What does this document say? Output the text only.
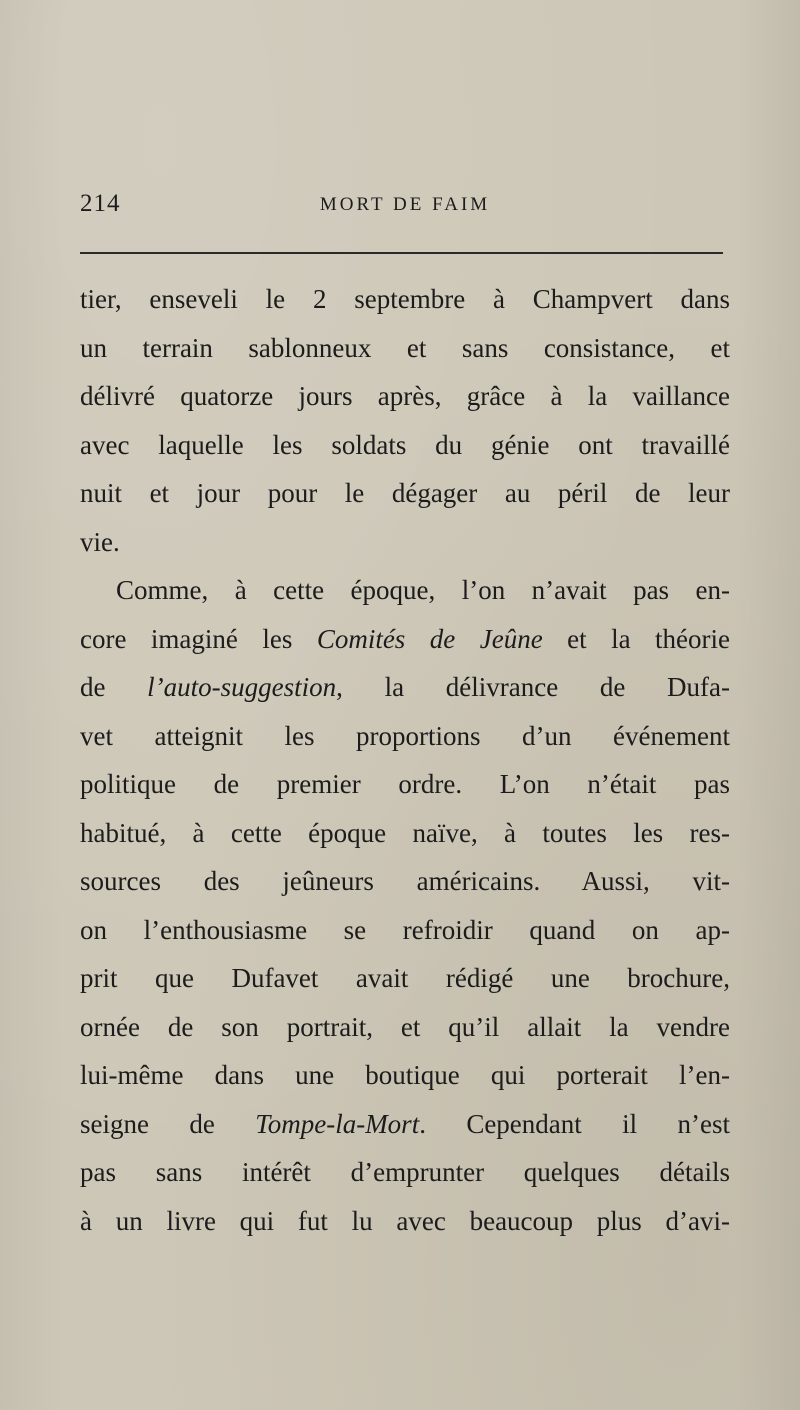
214	MORT DE FAIM
tier, enseveli le 2 septembre à Champvert dans
un terrain sablonneux et sans consistance, et
délivré quatorze jours après, grâce à la vaillance
avec laquelle les soldats du génie ont travaillé
nuit et jour pour le dégager au péril de leur
vie.
Comme, à cette époque, l’on n’avait pas en-
core imaginé les Comités de Jeûne et la théorie
de l’auto-suggestion, la délivrance de Dufa-
vet atteignit les proportions d’un événement
politique de premier ordre. L’on n’était pas
habitué, à cette époque naïve, à toutes les res-
sources des jeûneurs américains. Aussi, vit-
on l’enthousiasme se refroidir quand on ap-
prit que Dufavet avait rédigé une brochure,
ornée de son portrait, et qu’il allait la vendre
lui-même dans une boutique qui porterait l’en-
seigne de Tompe-la-Mort. Cependant il n’est
pas sans intérêt d’emprunter quelques détails
à un livre qui fut lu avec beaucoup plus d’avi-
